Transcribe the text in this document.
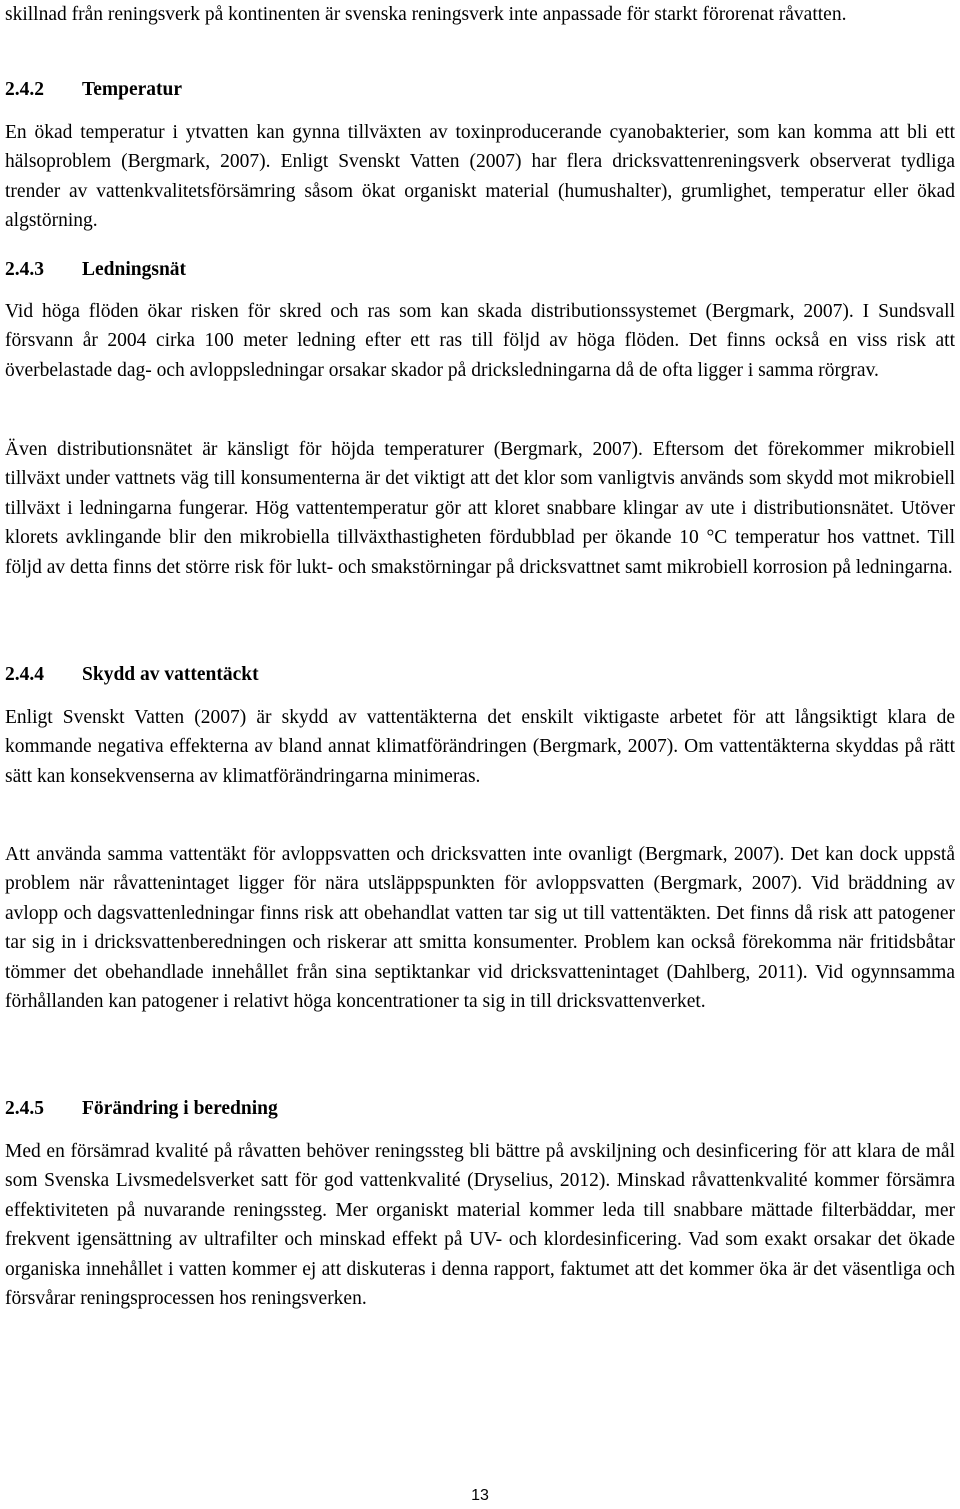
skillnad från reningsverk på kontinenten är svenska reningsverk inte anpassade för starkt förorenat råvatten.

2.4.2 Temperatur

En ökad temperatur i ytvatten kan gynna tillväxten av toxinproducerande cyanobakterier, som kan komma att bli ett hälsoproblem (Bergmark, 2007). Enligt Svenskt Vatten (2007) har flera dricksvattenreningsverk observerat tydliga trender av vattenkvalitetsförsämring såsom ökat organiskt material (humushalter), grumlighet, temperatur eller ökad algstörning.

2.4.3 Ledningsnät

Vid höga flöden ökar risken för skred och ras som kan skada distributionssystemet (Bergmark, 2007). I Sundsvall försvann år 2004 cirka 100 meter ledning efter ett ras till följd av höga flöden. Det finns också en viss risk att överbelastade dag- och avloppsledningar orsakar skador på dricksledningarna då de ofta ligger i samma rörgrav.

Även distributionsnätet är känsligt för höjda temperaturer (Bergmark, 2007). Eftersom det förekommer mikrobiell tillväxt under vattnets väg till konsumenterna är det viktigt att det klor som vanligtvis används som skydd mot mikrobiell tillväxt i ledningarna fungerar. Hög vattentemperatur gör att kloret snabbare klingar av ute i distributionsnätet. Utöver klorets avklingande blir den mikrobiella tillväxthastigheten fördubblad per ökande 10 °C temperatur hos vattnet. Till följd av detta finns det större risk för lukt- och smakstörningar på dricksvattnet samt mikrobiell korrosion på ledningarna.

2.4.4 Skydd av vattentäckt

Enligt Svenskt Vatten (2007) är skydd av vattentäkterna det enskilt viktigaste arbetet för att långsiktigt klara de kommande negativa effekterna av bland annat klimatförändringen (Bergmark, 2007). Om vattentäkterna skyddas på rätt sätt kan konsekvenserna av klimatförändringarna minimeras.

Att använda samma vattentäkt för avloppsvatten och dricksvatten inte ovanligt (Bergmark, 2007). Det kan dock uppstå problem när råvattenintaget ligger för nära utsläppspunkten för avloppsvatten (Bergmark, 2007). Vid bräddning av avlopp och dagsvattenledningar finns risk att obehandlat vatten tar sig ut till vattentäkten. Det finns då risk att patogener tar sig in i dricksvattenberedningen och riskerar att smitta konsumenter. Problem kan också förekomma när fritidsbåtar tömmer det obehandlade innehållet från sina septiktankar vid dricksvattenintaget (Dahlberg, 2011). Vid ogynnsamma förhållanden kan patogener i relativt höga koncentrationer ta sig in till dricksvattenverket.

2.4.5 Förändring i beredning

Med en försämrad kvalité på råvatten behöver reningssteg bli bättre på avskiljning och desinficering för att klara de mål som Svenska Livsmedelsverket satt för god vattenkvalité (Dryselius, 2012). Minskad råvattenkvalité kommer försämra effektiviteten på nuvarande reningssteg. Mer organiskt material kommer leda till snabbare mättade filterbäddar, mer frekvent igensättning av ultrafilter och minskad effekt på UV- och klordesinficering. Vad som exakt orsakar det ökade organiska innehållet i vatten kommer ej att diskuteras i denna rapport, faktumet att det kommer öka är det väsentliga och försvårar reningsprocessen hos reningsverken.

13
